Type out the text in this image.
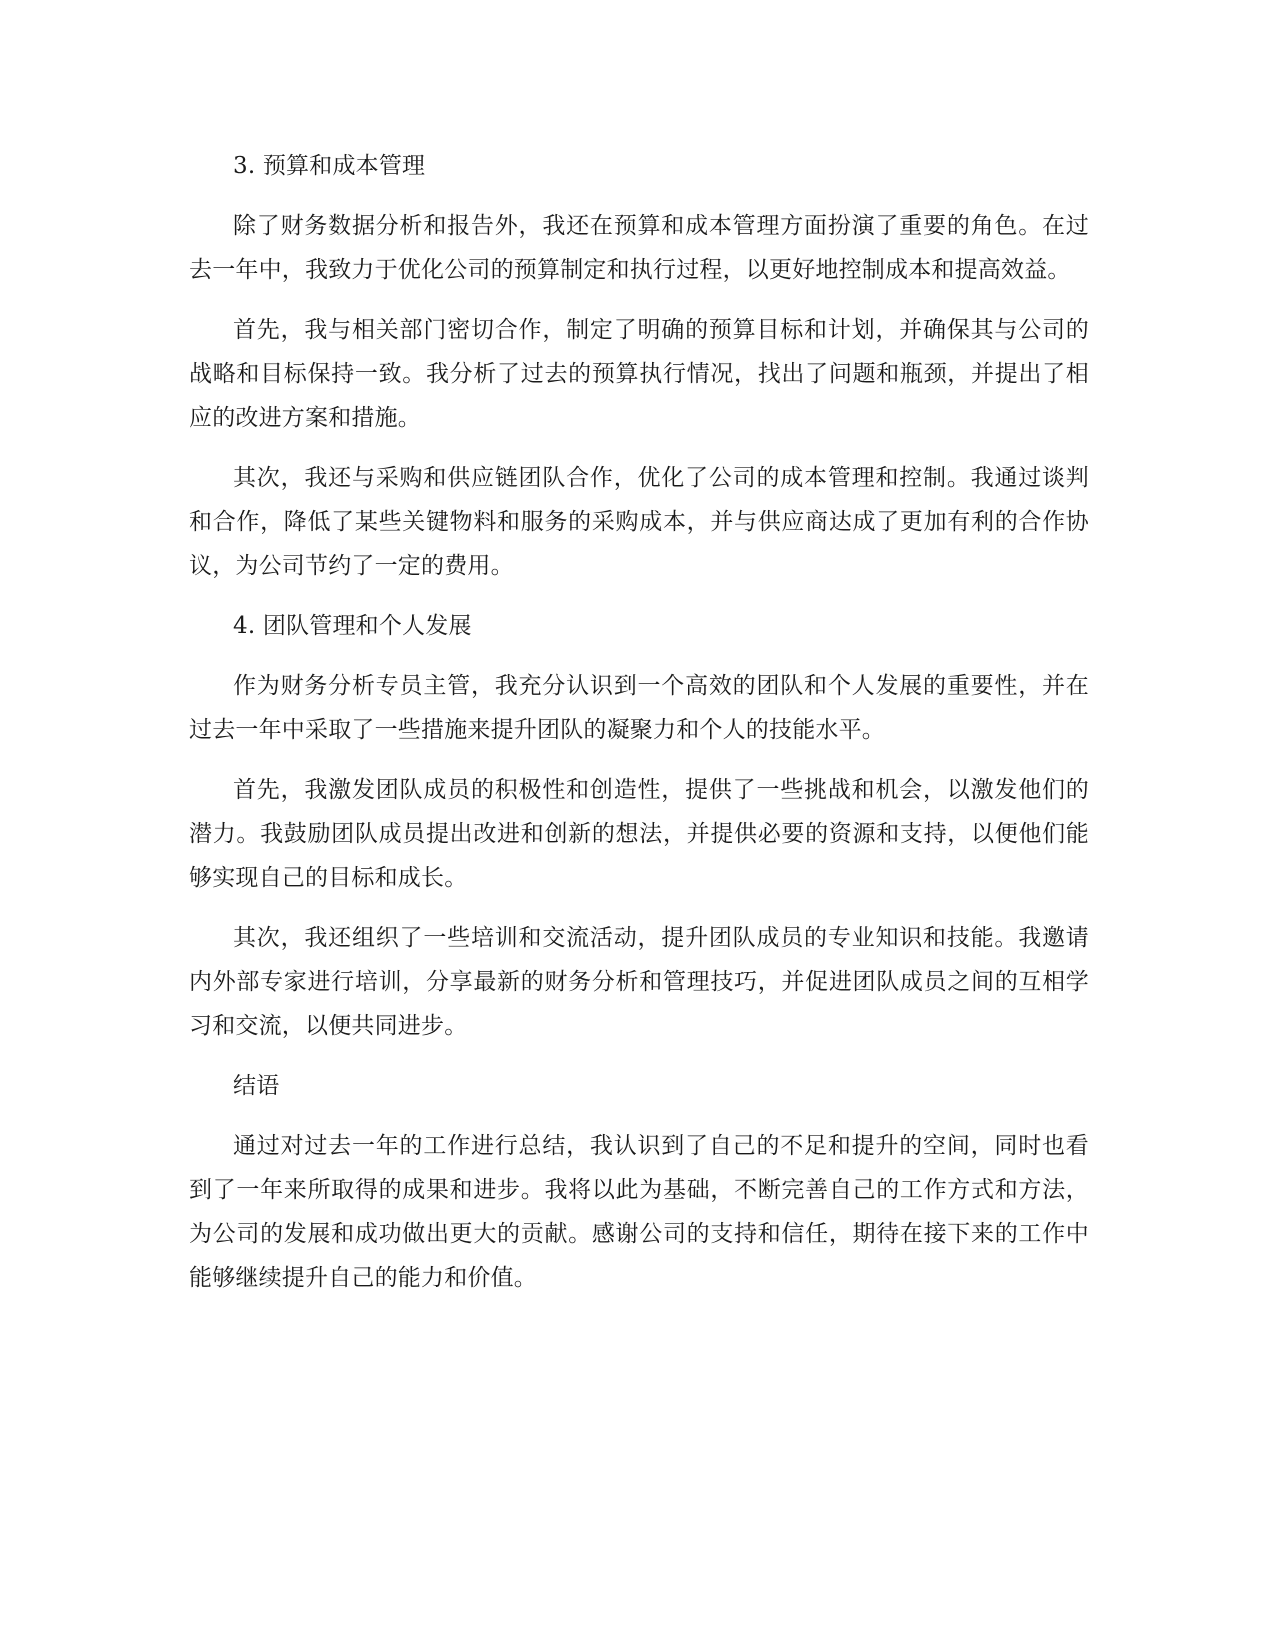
3. 预算和成本管理

除了财务数据分析和报告外，我还在预算和成本管理方面扮演了重要的角色。在过去一年中，我致力于优化公司的预算制定和执行过程，以更好地控制成本和提高效益。

首先，我与相关部门密切合作，制定了明确的预算目标和计划，并确保其与公司的战略和目标保持一致。我分析了过去的预算执行情况，找出了问题和瓶颈，并提出了相应的改进方案和措施。

其次，我还与采购和供应链团队合作，优化了公司的成本管理和控制。我通过谈判和合作，降低了某些关键物料和服务的采购成本，并与供应商达成了更加有利的合作协议，为公司节约了一定的费用。

4. 团队管理和个人发展

作为财务分析专员主管，我充分认识到一个高效的团队和个人发展的重要性，并在过去一年中采取了一些措施来提升团队的凝聚力和个人的技能水平。

首先，我激发团队成员的积极性和创造性，提供了一些挑战和机会，以激发他们的潜力。我鼓励团队成员提出改进和创新的想法，并提供必要的资源和支持，以便他们能够实现自己的目标和成长。

其次，我还组织了一些培训和交流活动，提升团队成员的专业知识和技能。我邀请内外部专家进行培训，分享最新的财务分析和管理技巧，并促进团队成员之间的互相学习和交流，以便共同进步。

结语

通过对过去一年的工作进行总结，我认识到了自己的不足和提升的空间，同时也看到了一年来所取得的成果和进步。我将以此为基础，不断完善自己的工作方式和方法，为公司的发展和成功做出更大的贡献。感谢公司的支持和信任，期待在接下来的工作中能够继续提升自己的能力和价值。
